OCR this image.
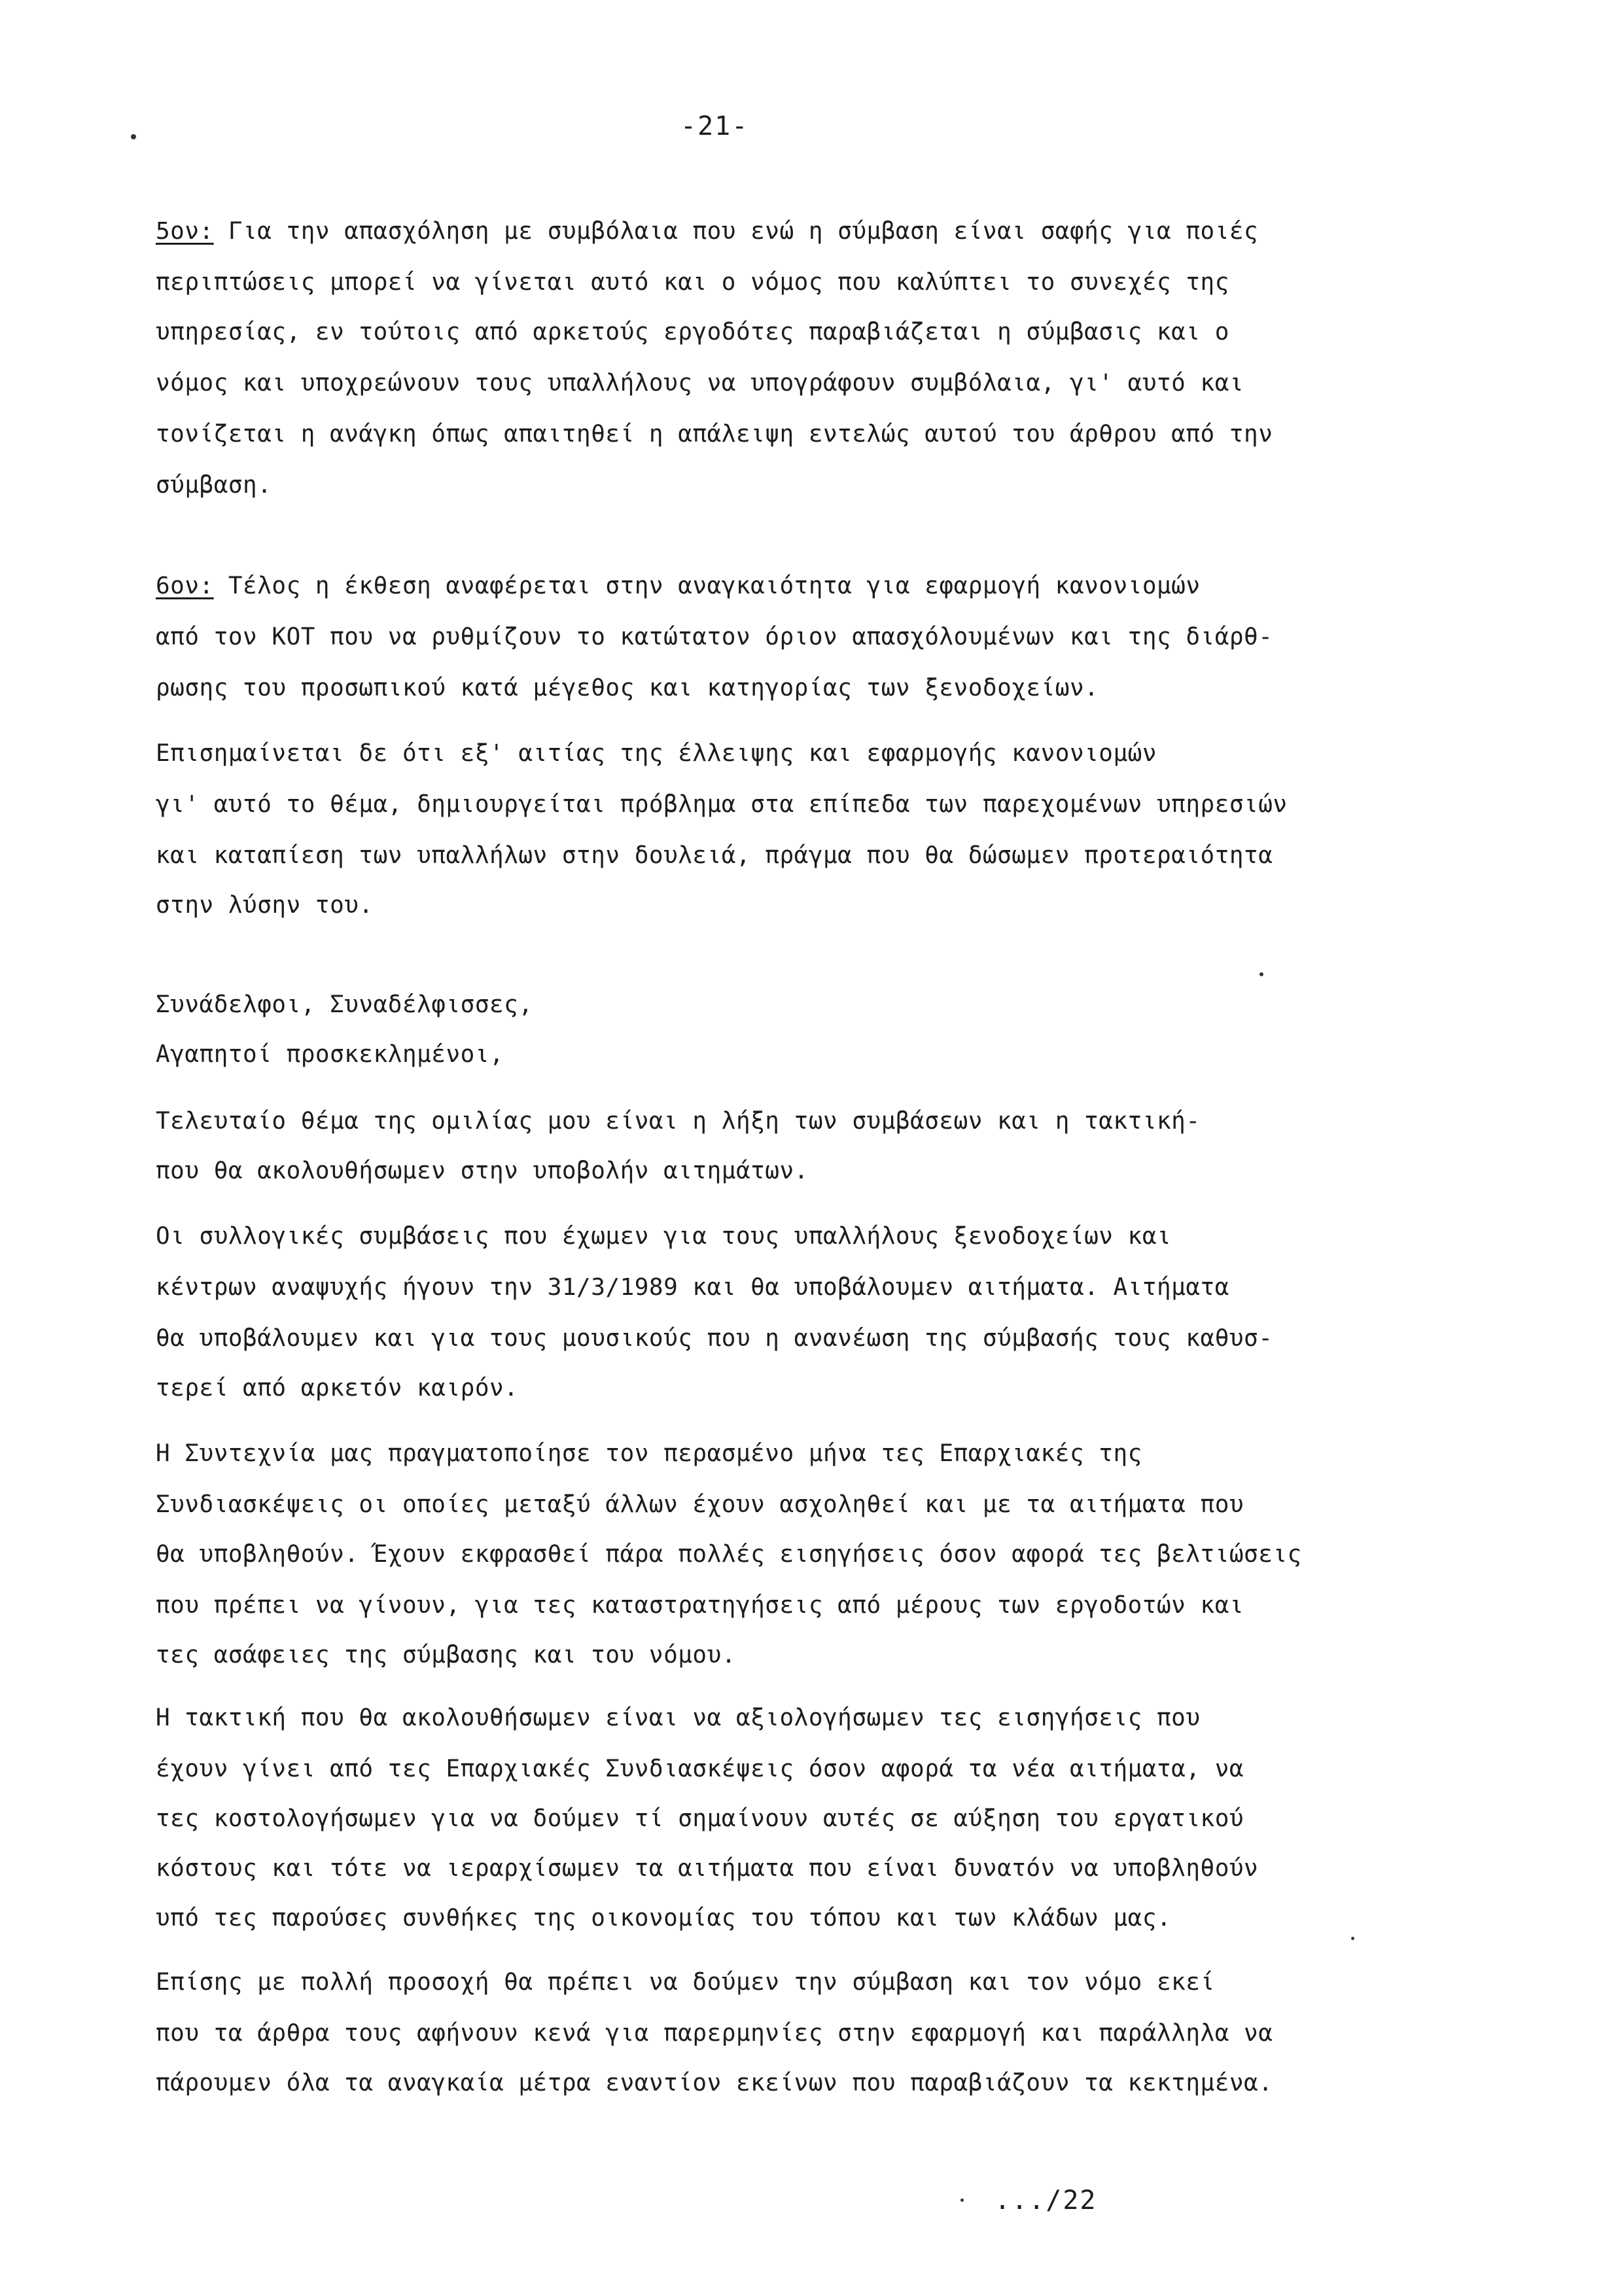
-21-
5ον: Για την απασχόληση με συμβόλαια που ενώ η σύμβαση είναι σαφής για ποιές
περιπτώσεις μπορεί να γίνεται αυτό και ο νόμος που καλύπτει το συνεχές της
υπηρεσίας, εν τούτοις από αρκετούς εργοδότες παραβιάζεται η σύμβασις και ο
νόμος και υποχρεώνουν τους υπαλλήλους να υπογράφουν συμβόλαια, γι' αυτό και
τονίζεται η ανάγκη όπως απαιτηθεί η απάλειψη εντελώς αυτού του άρθρου από την
σύμβαση.
6ον: Τέλος η έκθεση αναφέρεται στην αναγκαιότητα για εφαρμογή κανονιομών
από τον ΚΟΤ που να ρυθμίζουν το κατώτατον όριον απασχόλουμένων και της διάρθ-
ρωσης του προσωπικού κατά μέγεθος και κατηγορίας των ξενοδοχείων.
Επισημαίνεται δε ότι εξ' αιτίας της έλλειψης και εφαρμογής κανονιομών
γι' αυτό το θέμα, δημιουργείται πρόβλημα στα επίπεδα των παρεχομένων υπηρεσιών
και καταπίεση των υπαλλήλων στην δουλειά, πράγμα που θα δώσωμεν προτεραιότητα
στην λύσην του.
Συνάδελφοι, Συναδέλφισσες,
Αγαπητοί προσκεκλημένοι,
Τελευταίο θέμα της ομιλίας μου είναι η λήξη των συμβάσεων και η τακτική-
που θα ακολουθήσωμεν στην υποβολήν αιτημάτων.
Οι συλλογικές συμβάσεις που έχωμεν για τους υπαλλήλους ξενοδοχείων και
κέντρων αναψυχής ήγουν την 31/3/1989 και θα υποβάλουμεν αιτήματα. Αιτήματα
θα υποβάλουμεν και για τους μουσικούς που η ανανέωση της σύμβασής τους καθυσ-
τερεί από αρκετόν καιρόν.
Η Συντεχνία μας πραγματοποίησε τον περασμένο μήνα τες Επαρχιακές της
Συνδιασκέψεις οι οποίες μεταξύ άλλων έχουν ασχοληθεί και με τα αιτήματα που
θα υποβληθούν. Έχουν εκφρασθεί πάρα πολλές εισηγήσεις όσον αφορά τες βελτιώσεις
που πρέπει να γίνουν, για τες καταστρατηγήσεις από μέρους των εργοδοτών και
τες ασάφειες της σύμβασης και του νόμου.
Η τακτική που θα ακολουθήσωμεν είναι να αξιολογήσωμεν τες εισηγήσεις που
έχουν γίνει από τες Επαρχιακές Συνδιασκέψεις όσον αφορά τα νέα αιτήματα, να
τες κοστολογήσωμεν για να δούμεν τί σημαίνουν αυτές σε αύξηση του εργατικού
κόστους και τότε να ιεραρχίσωμεν τα αιτήματα που είναι δυνατόν να υποβληθούν
υπό τες παρούσες συνθήκες της οικονομίας του τόπου και των κλάδων μας.
Επίσης με πολλή προσοχή θα πρέπει να δούμεν την σύμβαση και τον νόμο εκεί
που τα άρθρα τους αφήνουν κενά για παρερμηνίες στην εφαρμογή και παράλληλα να
πάρουμεν όλα τα αναγκαία μέτρα εναντίον εκείνων που παραβιάζουν τα κεκτημένα.
.../22
